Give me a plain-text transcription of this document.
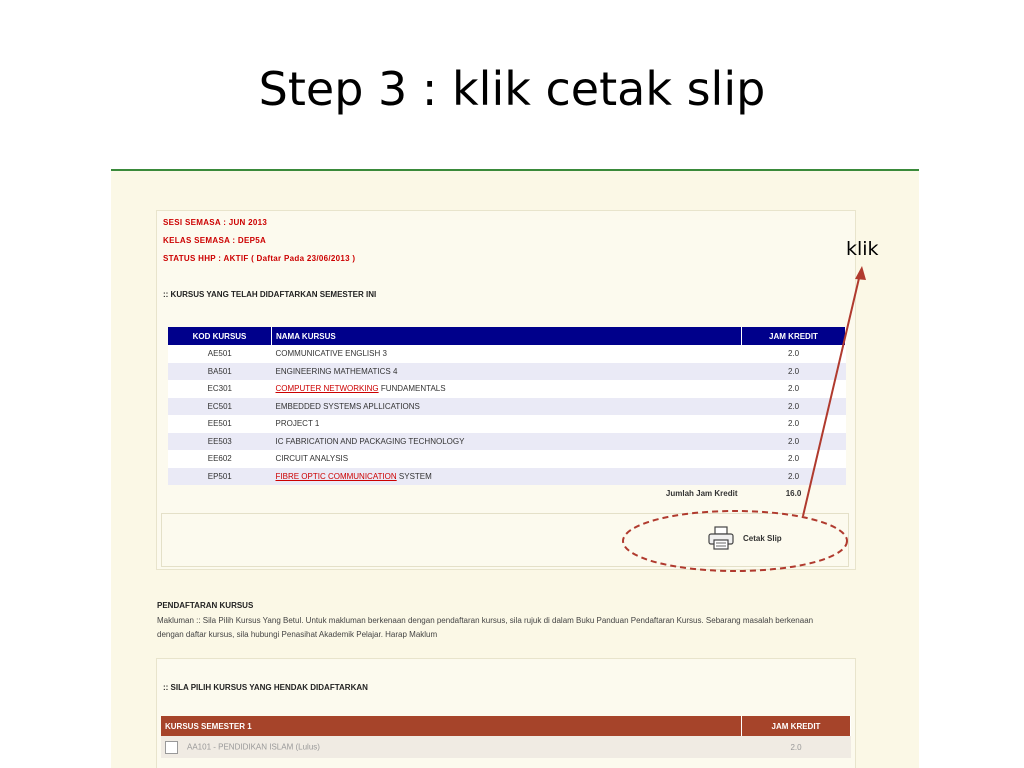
Step 3 : klik cetak slip
SESI SEMASA : JUN 2013
KELAS SEMASA : DEP5A
STATUS HHP : AKTIF ( Daftar Pada 23/06/2013 )
:: KURSUS YANG TELAH DIDAFTARKAN SEMESTER INI
KOD KURSUS	NAMA KURSUS	JAM KREDIT
AE501	COMMUNICATIVE ENGLISH 3	2.0
BA501	ENGINEERING MATHEMATICS 4	2.0
EC301	COMPUTER NETWORKING FUNDAMENTALS	2.0
EC501	EMBEDDED SYSTEMS APLLICATIONS	2.0
EE501	PROJECT 1	2.0
EE503	IC FABRICATION AND PACKAGING TECHNOLOGY	2.0
EE602	CIRCUIT ANALYSIS	2.0
EP501	FIBRE OPTIC COMMUNICATION SYSTEM	2.0
Jumlah Jam Kredit		16.0
Cetak Slip
klik
PENDAFTARAN KURSUS
Makluman :: Sila Pilih Kursus Yang Betul. Untuk makluman berkenaan dengan pendaftaran kursus, sila rujuk di dalam Buku Panduan Pendaftaran Kursus. Sebarang masalah berkenaan dengan daftar kursus, sila hubungi Penasihat Akademik Pelajar. Harap Maklum
:: SILA PILIH KURSUS YANG HENDAK DIDAFTARKAN
KURSUS SEMESTER 1	JAM KREDIT
AA101 - PENDIDIKAN ISLAM (Lulus)	2.0
